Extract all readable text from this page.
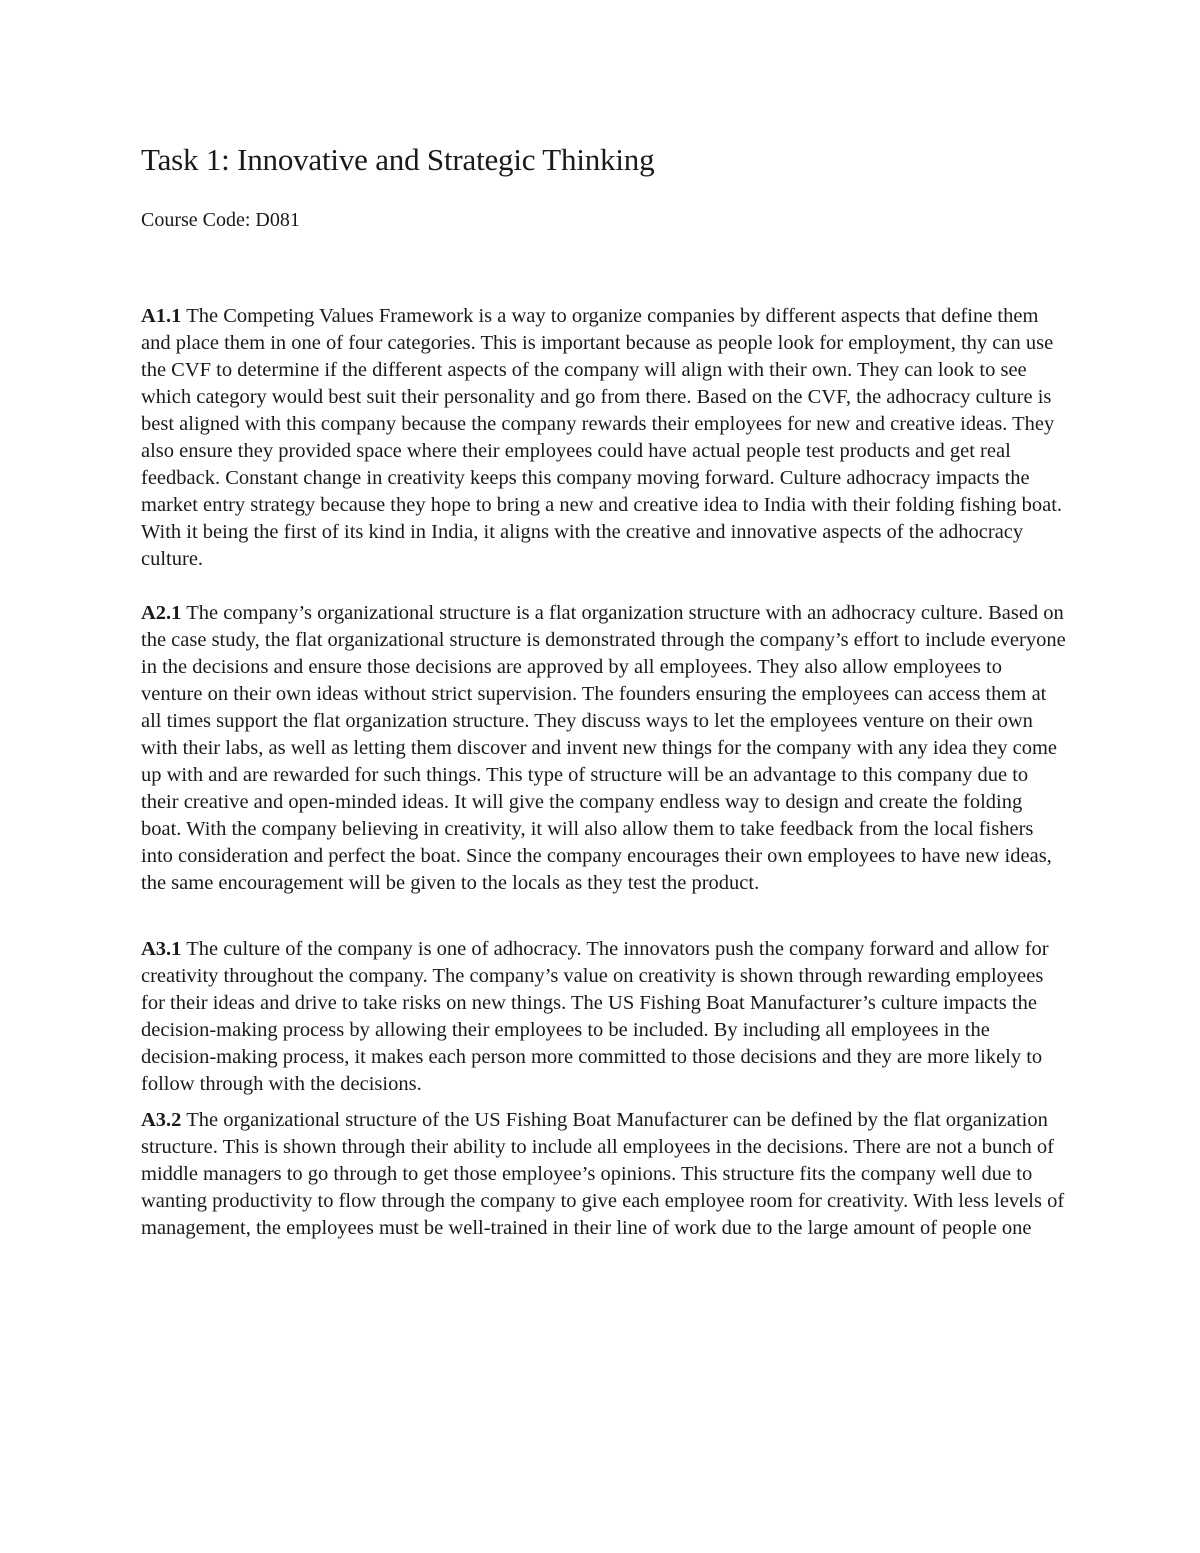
Task 1: Innovative and Strategic Thinking

Course Code: D081

A1.1 The Competing Values Framework is a way to organize companies by different aspects that define them and place them in one of four categories. This is important because as people look for employment, thy can use the CVF to determine if the different aspects of the company will align with their own. They can look to see which category would best suit their personality and go from there. Based on the CVF, the adhocracy culture is best aligned with this company because the company rewards their employees for new and creative ideas. They also ensure they provided space where their employees could have actual people test products and get real feedback. Constant change in creativity keeps this company moving forward. Culture adhocracy impacts the market entry strategy because they hope to bring a new and creative idea to India with their folding fishing boat. With it being the first of its kind in India, it aligns with the creative and innovative aspects of the adhocracy culture.

A2.1 The company’s organizational structure is a flat organization structure with an adhocracy culture. Based on the case study, the flat organizational structure is demonstrated through the company’s effort to include everyone in the decisions and ensure those decisions are approved by all employees. They also allow employees to venture on their own ideas without strict supervision. The founders ensuring the employees can access them at all times support the flat organization structure. They discuss ways to let the employees venture on their own with their labs, as well as letting them discover and invent new things for the company with any idea they come up with and are rewarded for such things. This type of structure will be an advantage to this company due to their creative and open-minded ideas. It will give the company endless way to design and create the folding boat. With the company believing in creativity, it will also allow them to take feedback from the local fishers into consideration and perfect the boat. Since the company encourages their own employees to have new ideas, the same encouragement will be given to the locals as they test the product.

A3.1 The culture of the company is one of adhocracy. The innovators push the company forward and allow for creativity throughout the company. The company’s value on creativity is shown through rewarding employees for their ideas and drive to take risks on new things. The US Fishing Boat Manufacturer’s culture impacts the decision-making process by allowing their employees to be included. By including all employees in the decision-making process, it makes each person more committed to those decisions and they are more likely to follow through with the decisions.

A3.2 The organizational structure of the US Fishing Boat Manufacturer can be defined by the flat organization structure. This is shown through their ability to include all employees in the decisions. There are not a bunch of middle managers to go through to get those employee’s opinions. This structure fits the company well due to wanting productivity to flow through the company to give each employee room for creativity. With less levels of management, the employees must be well-trained in their line of work due to the large amount of people one
